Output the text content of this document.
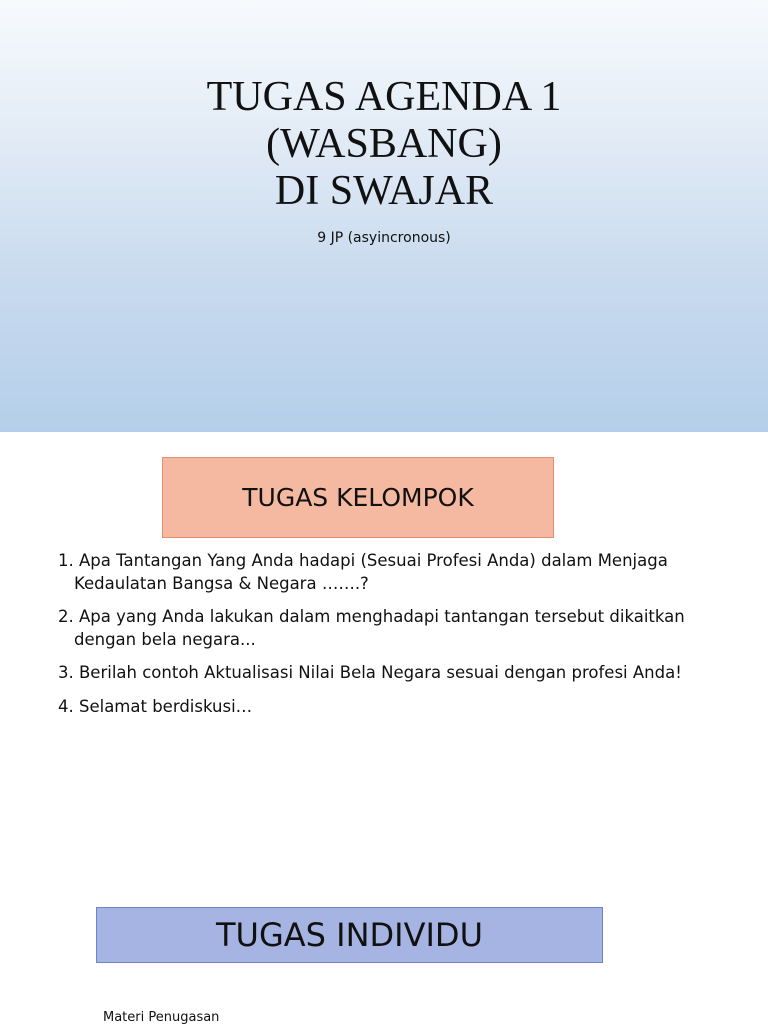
TUGAS AGENDA 1
(WASBANG)
DI SWAJAR
9 JP (asyincronous)
TUGAS KELOMPOK
1. Apa Tantangan Yang Anda hadapi (Sesuai Profesi Anda) dalam Menjaga Kedaulatan Bangsa & Negara …….?
2. Apa yang Anda lakukan dalam menghadapi tantangan tersebut dikaitkan dengan bela negara...
3. Berilah contoh Aktualisasi Nilai Bela Negara sesuai dengan profesi Anda!
4. Selamat berdiskusi…
TUGAS INDIVIDU
Materi Penugasan
